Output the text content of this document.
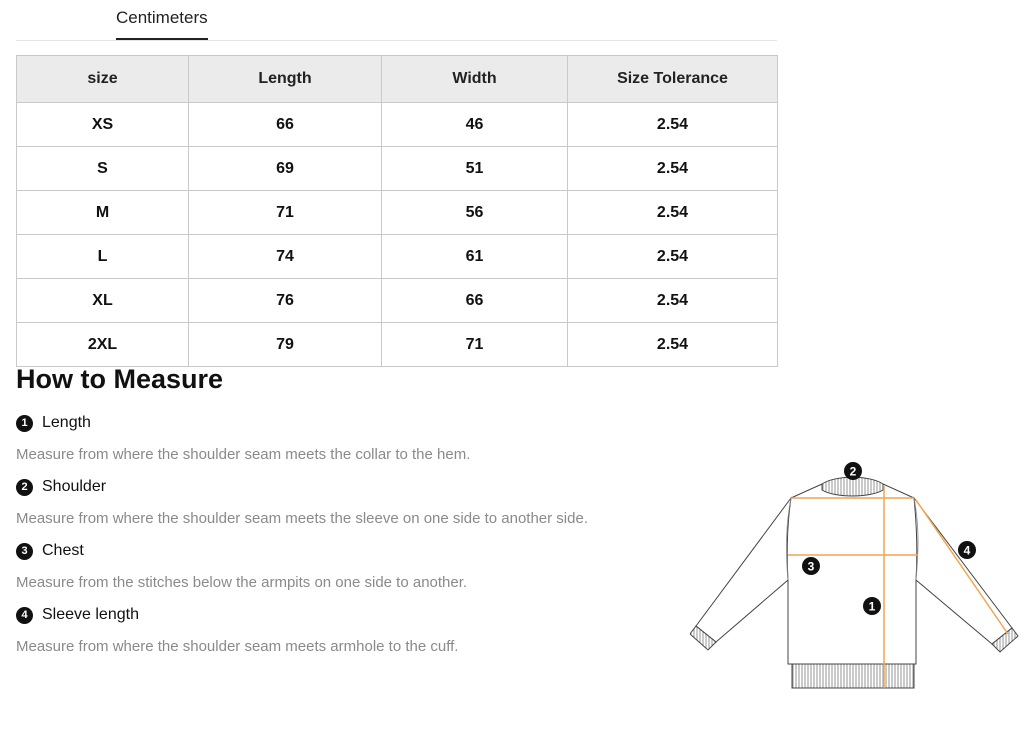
Centimeters
size	Length	Width	Size Tolerance
XS	66	46	2.54
S	69	51	2.54
M	71	56	2.54
L	74	61	2.54
XL	76	66	2.54
2XL	79	71	2.54
How to Measure
1 Length
Measure from where the shoulder seam meets the collar to the hem.
2 Shoulder
Measure from where the shoulder seam meets the sleeve on one side to another side.
3 Chest
Measure from the stitches below the armpits on one side to another.
4 Sleeve length
Measure from where the shoulder seam meets armhole to the cuff.
2
4
3
1
